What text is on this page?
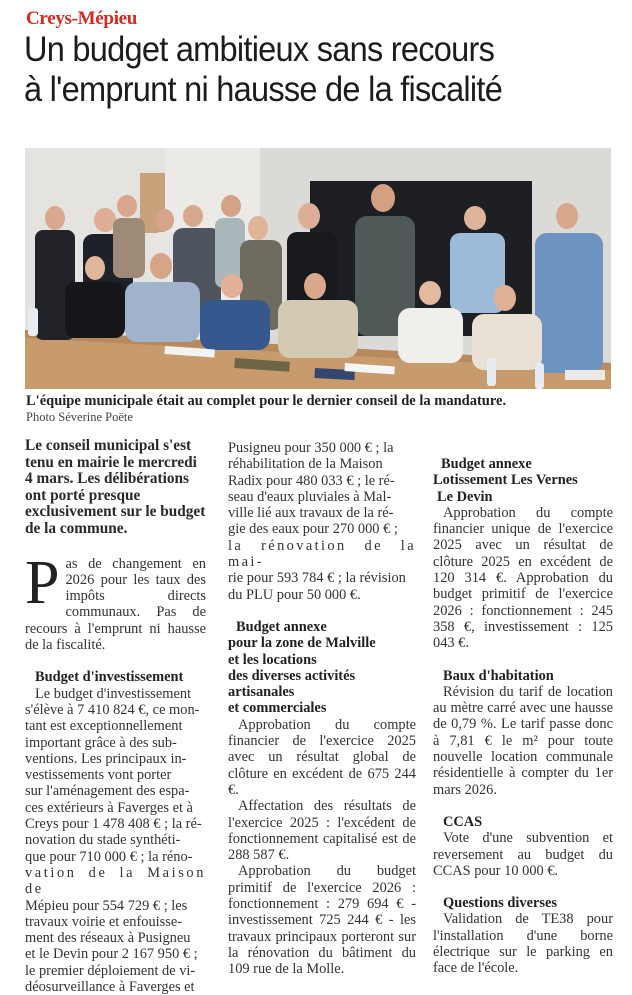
Creys-Mépieu
Un budget ambitieux sans recours
à l'emprunt ni hausse de la fiscalité
L'équipe municipale était au complet pour le dernier conseil de la mandature.
Photo Séverine Poëte

Le conseil municipal s'est tenu en mairie le mercredi 4 mars. Les délibérations ont porté presque exclusivement sur le budget de la commune.

P as de changement en 2026 pour les taux des impôts directs communaux. Pas de recours à l'emprunt ni hausse de la fiscalité.

Budget d'investissement

Le budget d'investissement
s'élève à 7 410 824 €, ce mon-
tant est exceptionnellement
important grâce à des sub-
ventions. Les principaux in-
vestissements vont porter
sur l'aménagement des espa-
ces extérieurs à Faverges et à
Creys pour 1 478 408 € ; la ré-
novation du stade synthéti-
que pour 710 000 € ; la réno-
vation de la Maison de
Mépieu pour 554 729 € ; les
travaux voirie et enfouisse-
ment des réseaux à Pusigneu
et le Devin pour 2 167 950 € ;
le premier déploiement de vi-
déosurveillance à Faverges et
Pusigneu pour 350 000 € ; la
réhabilitation de la Maison
Radix pour 480 033 € ; le ré-
seau d'eaux pluviales à Mal-
ville lié aux travaux de la ré-
gie des eaux pour 270 000 € ;
la rénovation de la mai-
rie pour 593 784 € ; la révision
du PLU pour 50 000 €.
Budget annexe
pour la zone de Malville
et les locations
des diverses activités
artisanales
et commerciales

Approbation du compte financier de l'exercice 2025 avec un résultat global de clôture en excédent de 675 244 €.

Affectation des résultats de l'exercice 2025 : l'excédent de fonctionnement capitalisé est de 288 587 €.

Approbation du budget primitif de l'exercice 2026 : fonctionnement : 279 694 € - investissement 725 244 € - les travaux principaux porteront sur la rénovation du bâtiment du 109 rue de la Molle.

Budget annexe
Lotissement Les Vernes
Le Devin

Approbation du compte financier unique de l'exercice 2025 avec un résultat de clôture 2025 en excédent de 120 314 €. Approbation du budget primitif de l'exercice 2026 : fonctionnement : 245 358 €, investissement : 125 043 €.

Baux d'habitation

Révision du tarif de location au mètre carré avec une hausse de 0,79 %. Le tarif passe donc à 7,81 € le m² pour toute nouvelle location communale résidentielle à compter du 1er mars 2026.

CCAS

Vote d'une subvention et reversement au budget du CCAS pour 10 000 €.

Questions diverses

Validation de TE38 pour l'installation d'une borne électrique sur le parking en face de l'école.
